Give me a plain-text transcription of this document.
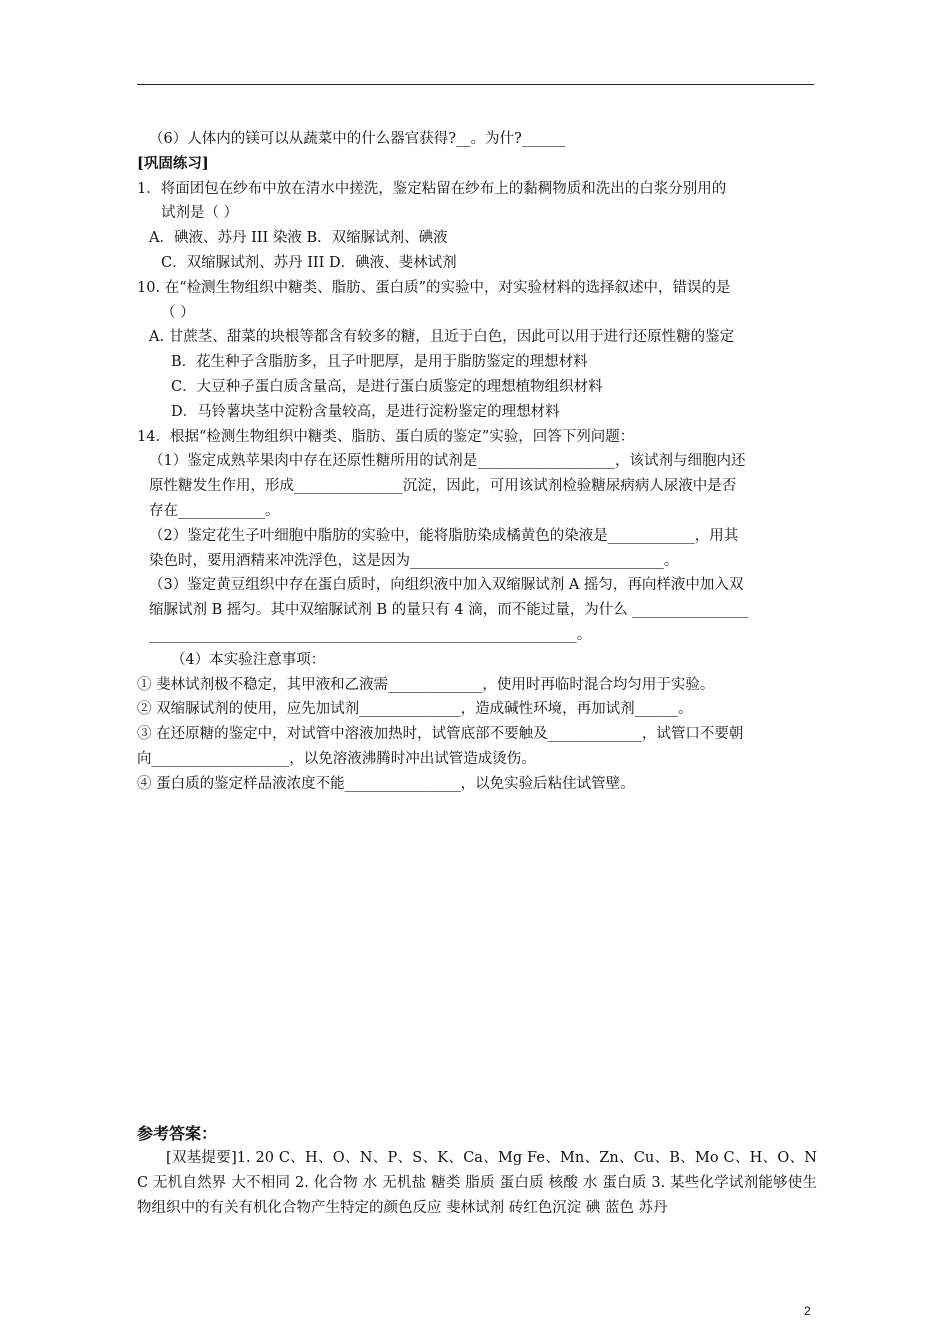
（6）人体内的镁可以从蔬菜中的什么器官获得?__。为什?______
[巩固练习]
1．将面团包在纱布中放在清水中搓洗，鉴定粘留在纱布上的黏稠物质和洗出的白浆分别用的
试剂是（ ）
A．碘液、苏丹 III 染液 B．双缩脲试剂、碘液
C．双缩脲试剂、苏丹 III D．碘液、斐林试剂
10. 在“检测生物组织中糖类、脂肪、蛋白质”的实验中，对实验材料的选择叙述中，错误的是
（ ）
A. 甘蔗茎、甜菜的块根等都含有较多的糖，且近于白色，因此可以用于进行还原性糖的鉴定
B．花生种子含脂肪多，且子叶肥厚，是用于脂肪鉴定的理想材料
C．大豆种子蛋白质含量高，是进行蛋白质鉴定的理想植物组织材料
D．马铃薯块茎中淀粉含量较高，是进行淀粉鉴定的理想材料
14．根据“检测生物组织中糖类、脂肪、蛋白质的鉴定”实验，回答下列问题：
（1）鉴定成熟苹果肉中存在还原性糖所用的试剂是___________________，该试剂与细胞内还
原性糖发生作用，形成_______________沉淀，因此，可用该试剂检验糖尿病病人尿液中是否
存在____________。
（2）鉴定花生子叶细胞中脂肪的实验中，能将脂肪染成橘黄色的染液是____________，用其
染色时，要用酒精来冲洗浮色，这是因为___________________________________。
（3）鉴定黄豆组织中存在蛋白质时，向组织液中加入双缩脲试剂 A 摇匀，再向样液中加入双
缩脲试剂 B 摇匀。其中双缩脲试剂 B 的量只有 4 滴，而不能过量，为什么 ________________
___________________________________________________________。
（4）本实验注意事项：
① 斐林试剂极不稳定，其甲液和乙液需_____________，使用时再临时混合均匀用于实验。
② 双缩脲试剂的使用，应先加试剂______________，造成碱性环境，再加试剂______。
③ 在还原糖的鉴定中，对试管中溶液加热时，试管底部不要触及_____________，试管口不要朝
向___________________，以免溶液沸腾时冲出试管造成烫伤。
④ 蛋白质的鉴定样品液浓度不能________________，以免实验后粘住试管壁。
参考答案：
[双基提要]1. 20 C、H、O、N、P、S、K、Ca、Mg Fe、Mn、Zn、Cu、B、Mo C、H、O、N C 无机自然界 大不相同 2. 化合物 水 无机盐 糖类 脂质 蛋白质 核酸 水 蛋白质 3. 某些化学试剂能够使生物组织中的有关有机化合物产生特定的颜色反应 斐林试剂 砖红色沉淀 碘 蓝色 苏丹
2
